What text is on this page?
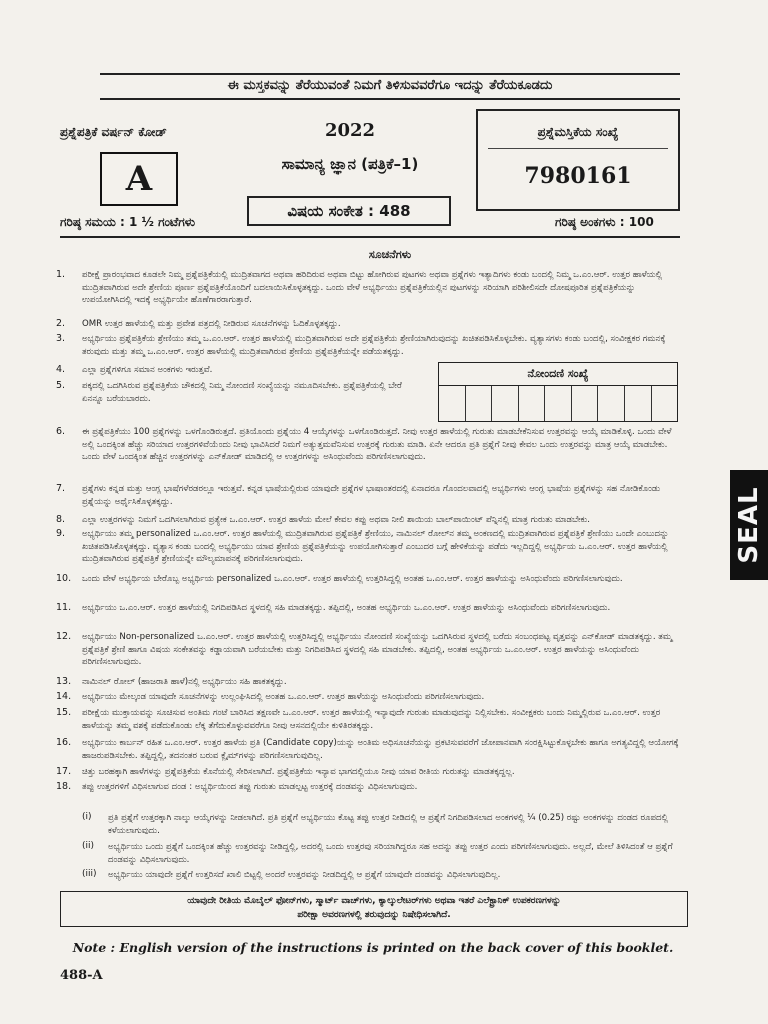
ಈ ಮಸ್ತಕವನ್ನು ತೆರೆಯುವಂತೆ ನಿಮಗೆ ತಿಳಿಸುವವರೆಗೂ ಇದನ್ನು ತೆರೆಯಕೂಡದು
ಪ್ರಶ್ನೆಪತ್ರಿಕೆ ವರ್ಷನ್ ಕೋಡ್
A
2022
ಸಾಮಾನ್ಯ ಜ್ಞಾನ (ಪತ್ರಿಕೆ–1)
ವಿಷಯ ಸಂಕೇತ : 488
ಪ್ರಶ್ನೆಮಸ್ತಿಕೆಯ ಸಂಖ್ಯೆ
7980161
ಗರಿಷ್ಠ ಸಮಯ : 1 ½ ಗಂಟೆಗಳು	ಗರಿಷ್ಠ ಅಂಕಗಳು : 100
ಸೂಚನೆಗಳು
ನೋಂದಣಿ ಸಂಖ್ಯೆ
1.	ಪರೀಕ್ಷೆ ಪ್ರಾರಂಭವಾದ ಕೂಡಲೇ ನಿಮ್ಮ ಪ್ರಶ್ನೆಪತ್ರಿಕೆಯಲ್ಲಿ ಮುದ್ರಿತವಾಗದ ಅಥವಾ ಹರಿದಿರುವ ಅಥವಾ ಬಿಟ್ಟು ಹೋಗಿರುವ ಪುಟಗಳು ಅಥವಾ ಪ್ರಶ್ನೆಗಳು ಇತ್ಯಾದಿಗಳು ಕಂಡು ಬಂದಲ್ಲಿ ನಿಮ್ಮ ಒ.ಎಂ.ಆರ್. ಉತ್ತರ ಹಾಳೆಯಲ್ಲಿ ಮುದ್ರಿತವಾಗಿರುವ ಅದೇ ಶ್ರೇಣಿಯ ಪೂರ್ಣ ಪ್ರಶ್ನೆಪತ್ರಿಕೆಯೊಂದಿಗೆ ಬದಲಾಯಿಸಿಕೊಳ್ಳತಕ್ಕದ್ದು. ಒಂದು ವೇಳೆ ಅಭ್ಯರ್ಥಿಯು ಪ್ರಶ್ನೆಪತ್ರಿಕೆಯಲ್ಲಿನ ಪುಟಗಳನ್ನು ಸರಿಯಾಗಿ ಪರಿಶೀಲಿಸದೇ ದೋಷಪೂರಿತ ಪ್ರಶ್ನೆಪತ್ರಿಕೆಯನ್ನು ಉಪಯೋಗಿಸಿದಲ್ಲಿ ಇದಕ್ಕೆ ಅಭ್ಯರ್ಥಿಯೇ ಹೊಣೆಗಾರರಾಗುತ್ತಾರೆ.
2.	OMR ಉತ್ತರ ಹಾಳೆಯಲ್ಲಿ ಮತ್ತು ಪ್ರವೇಶ ಪತ್ರದಲ್ಲಿ ನೀಡಿರುವ ಸೂಚನೆಗಳನ್ನು ಓದಿಕೊಳ್ಳತಕ್ಕದ್ದು.
3.	ಅಭ್ಯರ್ಥಿಯು ಪ್ರಶ್ನೆಪತ್ರಿಕೆಯ ಶ್ರೇಣಿಯು ತಮ್ಮ ಒ.ಎಂ.ಆರ್. ಉತ್ತರ ಹಾಳೆಯಲ್ಲಿ ಮುದ್ರಿತವಾಗಿರುವ ಅದೇ ಪ್ರಶ್ನೆಪತ್ರಿಕೆಯ ಶ್ರೇಣಿಯಾಗಿರುವುದನ್ನು ಖಚಿತಪಡಿಸಿಕೊಳ್ಳಬೇಕು. ವ್ಯತ್ಯಾಸಗಳು ಕಂಡು ಬಂದಲ್ಲಿ, ಸಂವೀಕ್ಷಕರ ಗಮನಕ್ಕೆ ತರುವುದು ಮತ್ತು ತಮ್ಮ ಒ.ಎಂ.ಆರ್. ಉತ್ತರ ಹಾಳೆಯಲ್ಲಿ ಮುದ್ರಿತವಾಗಿರುವ ಶ್ರೇಣಿಯ ಪ್ರಶ್ನೆಪತ್ರಿಕೆಯನ್ನೇ ಪಡೆಯತಕ್ಕದ್ದು.
4.	ಎಲ್ಲಾ ಪ್ರಶ್ನೆಗಳಿಗೂ ಸಮಾನ ಅಂಕಗಳು ಇರುತ್ತವೆ.
5.	ಪಕ್ಕದಲ್ಲಿ ಒದಗಿಸಿರುವ ಪ್ರಶ್ನೆಪತ್ರಿಕೆಯ ಚೌಕದಲ್ಲಿ ನಿಮ್ಮ ನೋಂದಣಿ ಸಂಖ್ಯೆಯನ್ನು ನಮೂದಿಸಬೇಕು. ಪ್ರಶ್ನೆಪತ್ರಿಕೆಯಲ್ಲಿ ಬೇರೆ ಏನನ್ನೂ ಬರೆಯಬಾರದು.
6.	ಈ ಪ್ರಶ್ನೆಪತ್ರಿಕೆಯು 100 ಪ್ರಶ್ನೆಗಳನ್ನು ಒಳಗೊಂಡಿರುತ್ತದೆ. ಪ್ರತಿಯೊಂದು ಪ್ರಶ್ನೆಯು 4 ಆಯ್ಕೆಗಳನ್ನು ಒಳಗೊಂಡಿರುತ್ತದೆ. ನೀವು ಉತ್ತರ ಹಾಳೆಯಲ್ಲಿ ಗುರುತು ಮಾಡಬೇಕೆನಿಸುವ ಉತ್ತರವನ್ನು ಆಯ್ಕೆ ಮಾಡಿಕೊಳ್ಳಿ. ಒಂದು ವೇಳೆ ಅಲ್ಲಿ ಒಂದಕ್ಕಿಂತ ಹೆಚ್ಚು ಸರಿಯಾದ ಉತ್ತರಗಳಿವೆಯೆಂದು ನೀವು ಭಾವಿಸಿದರೆ ನಿಮಗೆ ಅತ್ಯುತ್ತಮವೆನಿಸುವ ಉತ್ತರಕ್ಕೆ ಗುರುತು ಮಾಡಿ. ಏನೇ ಆದರೂ ಪ್ರತಿ ಪ್ರಶ್ನೆಗೆ ನೀವು ಕೇವಲ ಒಂದು ಉತ್ತರವನ್ನು ಮಾತ್ರ ಆಯ್ಕೆ ಮಾಡಬೇಕು. ಒಂದು ವೇಳೆ ಒಂದಕ್ಕಿಂತ ಹೆಚ್ಚಿನ ಉತ್ತರಗಳನ್ನು ಎನ್‌ಕೋಡ್ ಮಾಡಿದಲ್ಲಿ ಆ ಉತ್ತರಗಳನ್ನು ಅಸಿಂಧುವೆಂದು ಪರಿಗಣಿಸಲಾಗುವುದು.
7.	ಪ್ರಶ್ನೆಗಳು ಕನ್ನಡ ಮತ್ತು ಆಂಗ್ಲ ಭಾಷೆಗಳೆರಡರಲ್ಲೂ ಇರುತ್ತವೆ. ಕನ್ನಡ ಭಾಷೆಯಲ್ಲಿರುವ ಯಾವುದೇ ಪ್ರಶ್ನೆಗಳ ಭಾಷಾಂತರದಲ್ಲಿ ಏನಾದರೂ ಗೊಂದಲವಾದಲ್ಲಿ ಅಭ್ಯರ್ಥಿಗಳು ಆಂಗ್ಲ ಭಾಷೆಯ ಪ್ರಶ್ನೆಗಳನ್ನು ಸಹ ನೋಡಿಕೊಂಡು ಪ್ರಶ್ನೆಯನ್ನು ಅರ್ಥೈಸಿಕೊಳ್ಳತಕ್ಕದ್ದು.
8.	ಎಲ್ಲಾ ಉತ್ತರಗಳನ್ನು ನಿಮಗೆ ಒದಗಿಸಲಾಗಿರುವ ಪ್ರತ್ಯೇಕ ಒ.ಎಂ.ಆರ್. ಉತ್ತರ ಹಾಳೆಯ ಮೇಲೆ ಕೇವಲ ಕಪ್ಪು ಅಥವಾ ನೀಲಿ ಶಾಯಿಯ ಬಾಲ್‌ಪಾಯಿಂಟ್ ಪೆನ್ನಿನಲ್ಲಿ ಮಾತ್ರ ಗುರುತು ಮಾಡಬೇಕು.
9.	ಅಭ್ಯರ್ಥಿಯು ತಮ್ಮ personalized ಒ.ಎಂ.ಆರ್. ಉತ್ತರ ಹಾಳೆಯಲ್ಲಿ ಮುದ್ರಿತವಾಗಿರುವ ಪ್ರಶ್ನೆಪತ್ರಿಕೆ ಶ್ರೇಣಿಯು, ನಾಮಿನಲ್ ರೋಲ್‌ನ ತಮ್ಮ ಅಂಕಣದಲ್ಲಿ ಮುದ್ರಿತವಾಗಿರುವ ಪ್ರಶ್ನೆಪತ್ರಿಕೆ ಶ್ರೇಣಿಯು ಒಂದೇ ಎಂಬುದನ್ನು ಖಚಿತಪಡಿಸಿಕೊಳ್ಳತಕ್ಕದ್ದು. ವ್ಯತ್ಯಾಸ ಕಂಡು ಬಂದಲ್ಲಿ ಅಭ್ಯರ್ಥಿಯು ಯಾವ ಶ್ರೇಣಿಯ ಪ್ರಶ್ನೆಪತ್ರಿಕೆಯನ್ನು ಉಪಯೋಗಿಸುತ್ತಾರೆ ಎಂಬುದರ ಬಗ್ಗೆ ಹೇಳಿಕೆಯನ್ನು ಪಡೆದು ಇಲ್ಲದಿದ್ದಲ್ಲಿ ಅಭ್ಯರ್ಥಿಯ ಒ.ಎಂ.ಆರ್. ಉತ್ತರ ಹಾಳೆಯಲ್ಲಿ ಮುದ್ರಿತವಾಗಿರುವ ಪ್ರಶ್ನೆಪತ್ರಿಕೆ ಶ್ರೇಣಿಯನ್ನೇ ಮೌಲ್ಯಮಾಪನಕ್ಕೆ ಪರಿಗಣಿಸಲಾಗುವುದು.
10.	ಒಂದು ವೇಳೆ ಅಭ್ಯರ್ಥಿಯ ಬೇರೊಬ್ಬ ಅಭ್ಯರ್ಥಿಯ personalized ಒ.ಎಂ.ಆರ್. ಉತ್ತರ ಹಾಳೆಯಲ್ಲಿ ಉತ್ತರಿಸಿದ್ದಲ್ಲಿ ಅಂತಹ ಒ.ಎಂ.ಆರ್. ಉತ್ತರ ಹಾಳೆಯನ್ನು ಅಸಿಂಧುವೆಂದು ಪರಿಗಣಿಸಲಾಗುವುದು.
11.	ಅಭ್ಯರ್ಥಿಯು ಒ.ಎಂ.ಆರ್. ಉತ್ತರ ಹಾಳೆಯಲ್ಲಿ ನಿಗದಿಪಡಿಸಿದ ಸ್ಥಳದಲ್ಲಿ ಸಹಿ ಮಾಡತಕ್ಕದ್ದು. ತಪ್ಪಿದಲ್ಲಿ, ಅಂತಹ ಅಭ್ಯರ್ಥಿಯ ಒ.ಎಂ.ಆರ್. ಉತ್ತರ ಹಾಳೆಯನ್ನು ಅಸಿಂಧುವೆಂದು ಪರಿಗಣಿಸಲಾಗುವುದು.
12.	ಅಭ್ಯರ್ಥಿಯು Non-personalized ಒ.ಎಂ.ಆರ್. ಉತ್ತರ ಹಾಳೆಯಲ್ಲಿ ಉತ್ತರಿಸಿದ್ದಲ್ಲಿ ಅಭ್ಯರ್ಥಿಯು ನೋಂದಣಿ ಸಂಖ್ಯೆಯನ್ನು ಒದಗಿಸಿರುವ ಸ್ಥಳದಲ್ಲಿ ಬರೆದು ಸಂಬಂಧಪಟ್ಟ ವೃತ್ತವನ್ನು ಎನ್‌ಕೋಡ್ ಮಾಡತಕ್ಕದ್ದು. ತಮ್ಮ ಪ್ರಶ್ನೆಪತ್ರಿಕೆ ಶ್ರೇಣಿ ಹಾಗೂ ವಿಷಯ ಸಂಕೇತವನ್ನು ಕಡ್ಡಾಯವಾಗಿ ಬರೆಯಬೇಕು ಮತ್ತು ನಿಗದಿಪಡಿಸಿದ ಸ್ಥಳದಲ್ಲಿ ಸಹಿ ಮಾಡಬೇಕು. ತಪ್ಪಿದಲ್ಲಿ, ಅಂತಹ ಅಭ್ಯರ್ಥಿಯ ಒ.ಎಂ.ಆರ್. ಉತ್ತರ ಹಾಳೆಯನ್ನು ಅಸಿಂಧುವೆಂದು ಪರಿಗಣಿಸಲಾಗುವುದು.
13.	ನಾಮಿನಲ್ ರೋಲ್ (ಹಾಜರಾತಿ ಹಾಳೆ)ನಲ್ಲಿ ಅಭ್ಯರ್ಥಿಯು ಸಹಿ ಹಾಕತಕ್ಕದ್ದು.
14.	ಅಭ್ಯರ್ಥಿಯು ಮೇಲ್ಕಂಡ ಯಾವುದೇ ಸೂಚನೆಗಳನ್ನು ಉಲ್ಲಂಘಿಸಿದಲ್ಲಿ ಅಂತಹ ಒ.ಎಂ.ಆರ್. ಉತ್ತರ ಹಾಳೆಯನ್ನು ಅಸಿಂಧುವೆಂದು ಪರಿಗಣಿಸಲಾಗುವುದು.
15.	ಪರೀಕ್ಷೆಯ ಮುಕ್ತಾಯವನ್ನು ಸೂಚಿಸುವ ಅಂತಿಮ ಗಂಟೆ ಬಾರಿಸಿದ ತಕ್ಷಣವೇ ಒ.ಎಂ.ಆರ್. ಉತ್ತರ ಹಾಳೆಯಲ್ಲಿ ಇನ್ಯಾವುದೇ ಗುರುತು ಮಾಡುವುದನ್ನು ನಿಲ್ಲಿಸಬೇಕು. ಸಂವೀಕ್ಷಕರು ಬಂದು ನಿಮ್ಮಲ್ಲಿರುವ ಒ.ಎಂ.ಆರ್. ಉತ್ತರ ಹಾಳೆಯನ್ನು ತಮ್ಮ ವಶಕ್ಕೆ ಪಡೆದುಕೊಂಡು ಲೆಕ್ಕ ತೆಗೆದುಕೊಳ್ಳುವವರೆಗೂ ನೀವು ಆಸನದಲ್ಲಿಯೇ ಕುಳಿತಿರತಕ್ಕದ್ದು.
16.	ಅಭ್ಯರ್ಥಿಯು ಕಾರ್ಬನ್ ರಹಿತ ಒ.ಎಂ.ಆರ್. ಉತ್ತರ ಹಾಳೆಯ ಪ್ರತಿ (Candidate copy)ಯನ್ನು ಅಂತಿಮ ಅಧಿಸೂಚನೆಯನ್ನು ಪ್ರಕಟಿಸುವವರೆಗೆ ಜೋಪಾನವಾಗಿ ಸಂರಕ್ಷಿಸಿಟ್ಟುಕೊಳ್ಳಬೇಕು ಹಾಗೂ ಅಗತ್ಯವಿದ್ದಲ್ಲಿ ಆಯೋಗಕ್ಕೆ ಹಾಜರುಪಡಿಸಬೇಕು. ತಪ್ಪಿದ್ದಲ್ಲಿ, ತದನಂತರ ಬರುವ ಕ್ಲೈಮ್‌ಗಳನ್ನು ಪರಿಗಣಿಸಲಾಗುವುದಿಲ್ಲ.
17.	ಚಿತ್ತು ಬರಹಕ್ಕಾಗಿ ಹಾಳೆಗಳನ್ನು ಪ್ರಶ್ನೆಪತ್ರಿಕೆಯ ಕೊನೆಯಲ್ಲಿ ಸೇರಿಸಲಾಗಿದೆ. ಪ್ರಶ್ನೆಪತ್ರಿಕೆಯ ಇನ್ಯಾವ ಭಾಗದಲ್ಲಿಯೂ ನೀವು ಯಾವ ರೀತಿಯ ಗುರುತನ್ನು ಮಾಡತಕ್ಕದ್ದಲ್ಲ.
18.	ತಪ್ಪು ಉತ್ತರಗಳಿಗೆ ವಿಧಿಸಲಾಗುವ ದಂಡ : ಅಭ್ಯರ್ಥಿಯಿಂದ ತಪ್ಪು ಗುರುತು ಮಾಡಲ್ಪಟ್ಟ ಉತ್ತರಕ್ಕೆ ದಂಡವನ್ನು ವಿಧಿಸಲಾಗುವುದು.
(i) ಪ್ರತಿ ಪ್ರಶ್ನೆಗೆ ಉತ್ತರಕ್ಕಾಗಿ ನಾಲ್ಕು ಆಯ್ಕೆಗಳನ್ನು ನೀಡಲಾಗಿದೆ. ಪ್ರತಿ ಪ್ರಶ್ನೆಗೆ ಅಭ್ಯರ್ಥಿಯು ಕೊಟ್ಟ ತಪ್ಪು ಉತ್ತರ ನೀಡಿದಲ್ಲಿ ಆ ಪ್ರಶ್ನೆಗೆ ನಿಗದಿಪಡಿಸಲಾದ ಅಂಕಗಳಲ್ಲಿ ¼ (0.25) ರಷ್ಟು ಅಂಕಗಳನ್ನು ದಂಡದ ರೂಪದಲ್ಲಿ ಕಳೆಯಲಾಗುವುದು.
(ii) ಅಭ್ಯರ್ಥಿಯು ಒಂದು ಪ್ರಶ್ನೆಗೆ ಒಂದಕ್ಕಿಂತ ಹೆಚ್ಚು ಉತ್ತರವನ್ನು ನೀಡಿದ್ದಲ್ಲಿ, ಅದರಲ್ಲಿ ಒಂದು ಉತ್ತರವು ಸರಿಯಾಗಿದ್ದರೂ ಸಹ ಅದನ್ನು ತಪ್ಪು ಉತ್ತರ ಎಂದು ಪರಿಗಣಿಸಲಾಗುವುದು. ಅಲ್ಲದೆ, ಮೇಲೆ ತಿಳಿಸಿದಂತೆ ಆ ಪ್ರಶ್ನೆಗೆ ದಂಡವನ್ನು ವಿಧಿಸಲಾಗುವುದು.
(iii) ಅಭ್ಯರ್ಥಿಯು ಯಾವುದೇ ಪ್ರಶ್ನೆಗೆ ಉತ್ತರಿಸದೆ ಖಾಲಿ ಬಿಟ್ಟಲ್ಲಿ ಅಂದರೆ ಉತ್ತರವನ್ನು ನೀಡದಿದ್ದಲ್ಲಿ ಆ ಪ್ರಶ್ನೆಗೆ ಯಾವುದೇ ದಂಡವನ್ನು ವಿಧಿಸಲಾಗುವುದಿಲ್ಲ.
ಯಾವುದೇ ರೀತಿಯ ಮೊಬೈಲ್ ಫೋನ್‌ಗಳು, ಸ್ಮಾರ್ಟ್ ವಾಚ್‌ಗಳು, ಕ್ಯಾಲ್ಕುಲೇಟರ್‌ಗಳು ಅಥವಾ ಇತರೆ ಎಲೆಕ್ಟ್ರಾನಿಕ್ ಉಪಕರಣಗಳನ್ನು
ಪರೀಕ್ಷಾ ಅವರಣಗಳಲ್ಲಿ ತರುವುದನ್ನು ನಿಷೇಧಿಸಲಾಗಿದೆ.
Note : English version of the instructions is printed on the back cover of this booklet.
488-A
SEAL
